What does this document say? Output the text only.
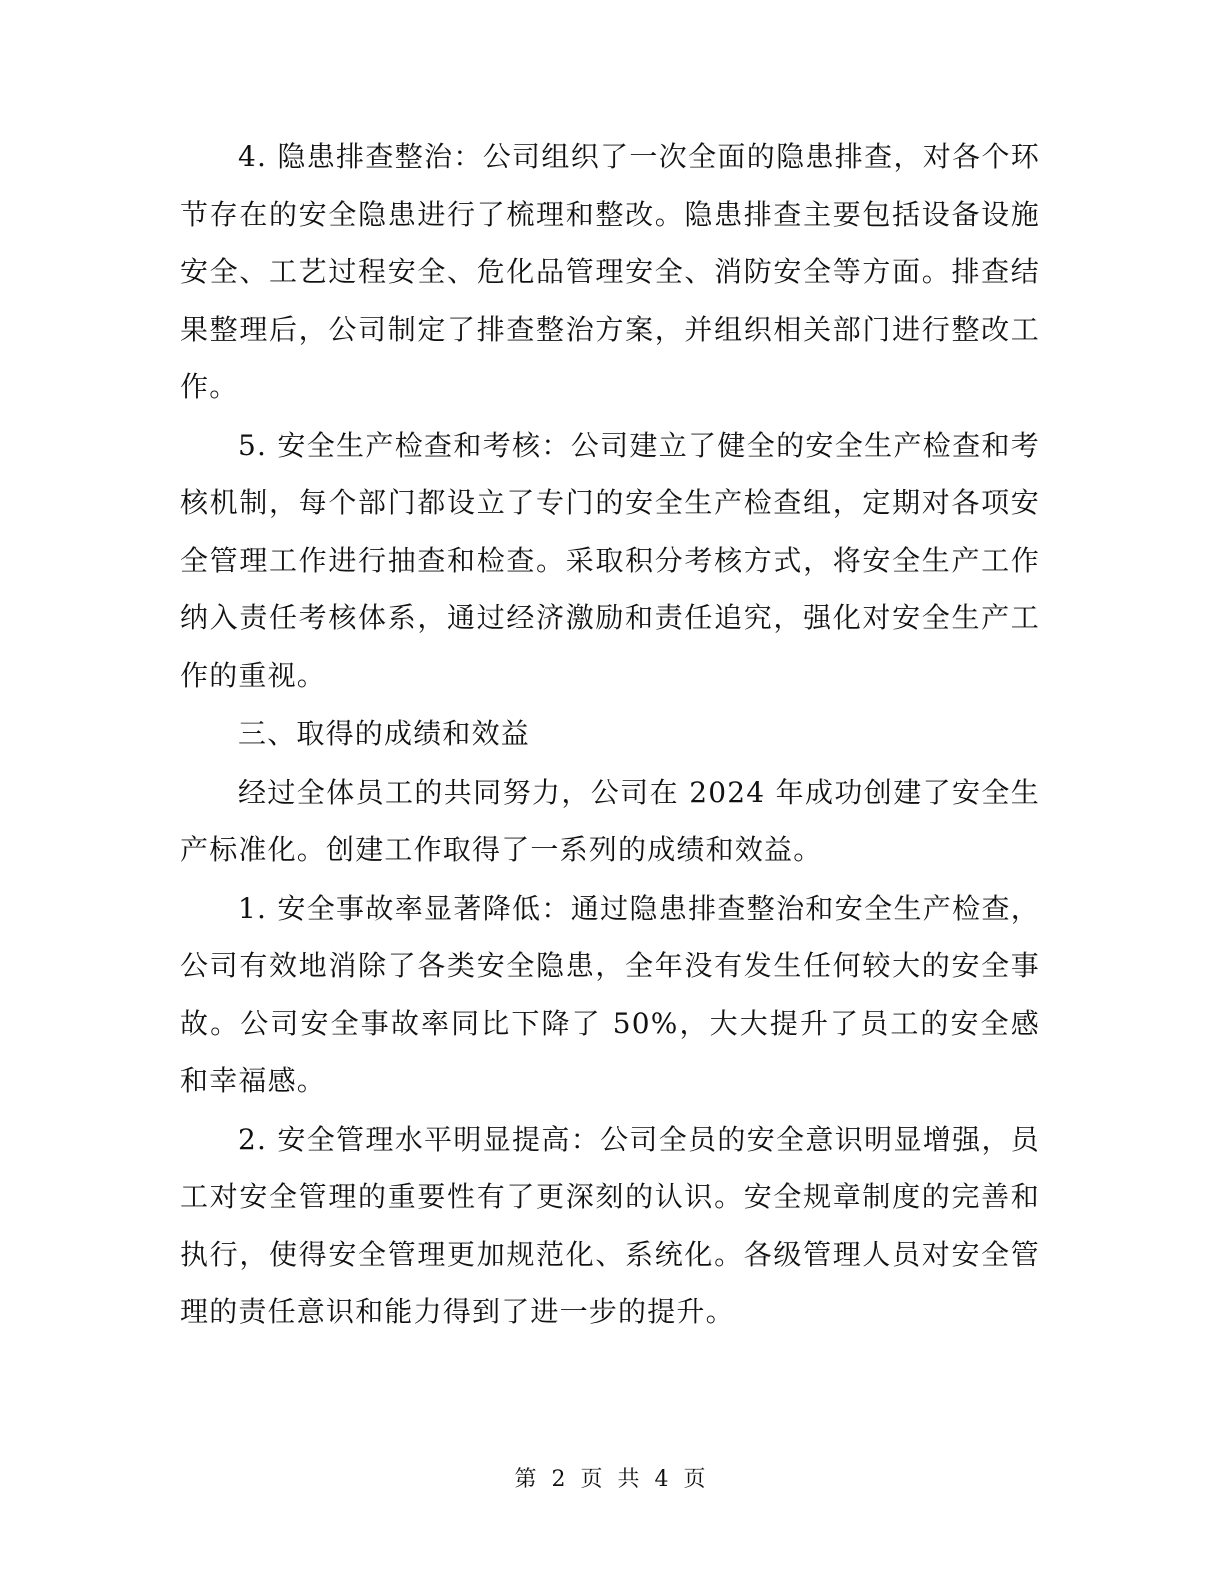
4. 隐患排查整治：公司组织了一次全面的隐患排查，对各个环节存在的安全隐患进行了梳理和整改。隐患排查主要包括设备设施安全、工艺过程安全、危化品管理安全、消防安全等方面。排查结果整理后，公司制定了排查整治方案，并组织相关部门进行整改工作。

5. 安全生产检查和考核：公司建立了健全的安全生产检查和考核机制，每个部门都设立了专门的安全生产检查组，定期对各项安全管理工作进行抽查和检查。采取积分考核方式，将安全生产工作纳入责任考核体系，通过经济激励和责任追究，强化对安全生产工作的重视。

三、取得的成绩和效益

经过全体员工的共同努力，公司在 2024 年成功创建了安全生产标准化。创建工作取得了一系列的成绩和效益。

1. 安全事故率显著降低：通过隐患排查整治和安全生产检查，公司有效地消除了各类安全隐患，全年没有发生任何较大的安全事故。公司安全事故率同比下降了 50%，大大提升了员工的安全感和幸福感。

2. 安全管理水平明显提高：公司全员的安全意识明显增强，员工对安全管理的重要性有了更深刻的认识。安全规章制度的完善和执行，使得安全管理更加规范化、系统化。各级管理人员对安全管理的责任意识和能力得到了进一步的提升。

第 2 页 共 4 页
